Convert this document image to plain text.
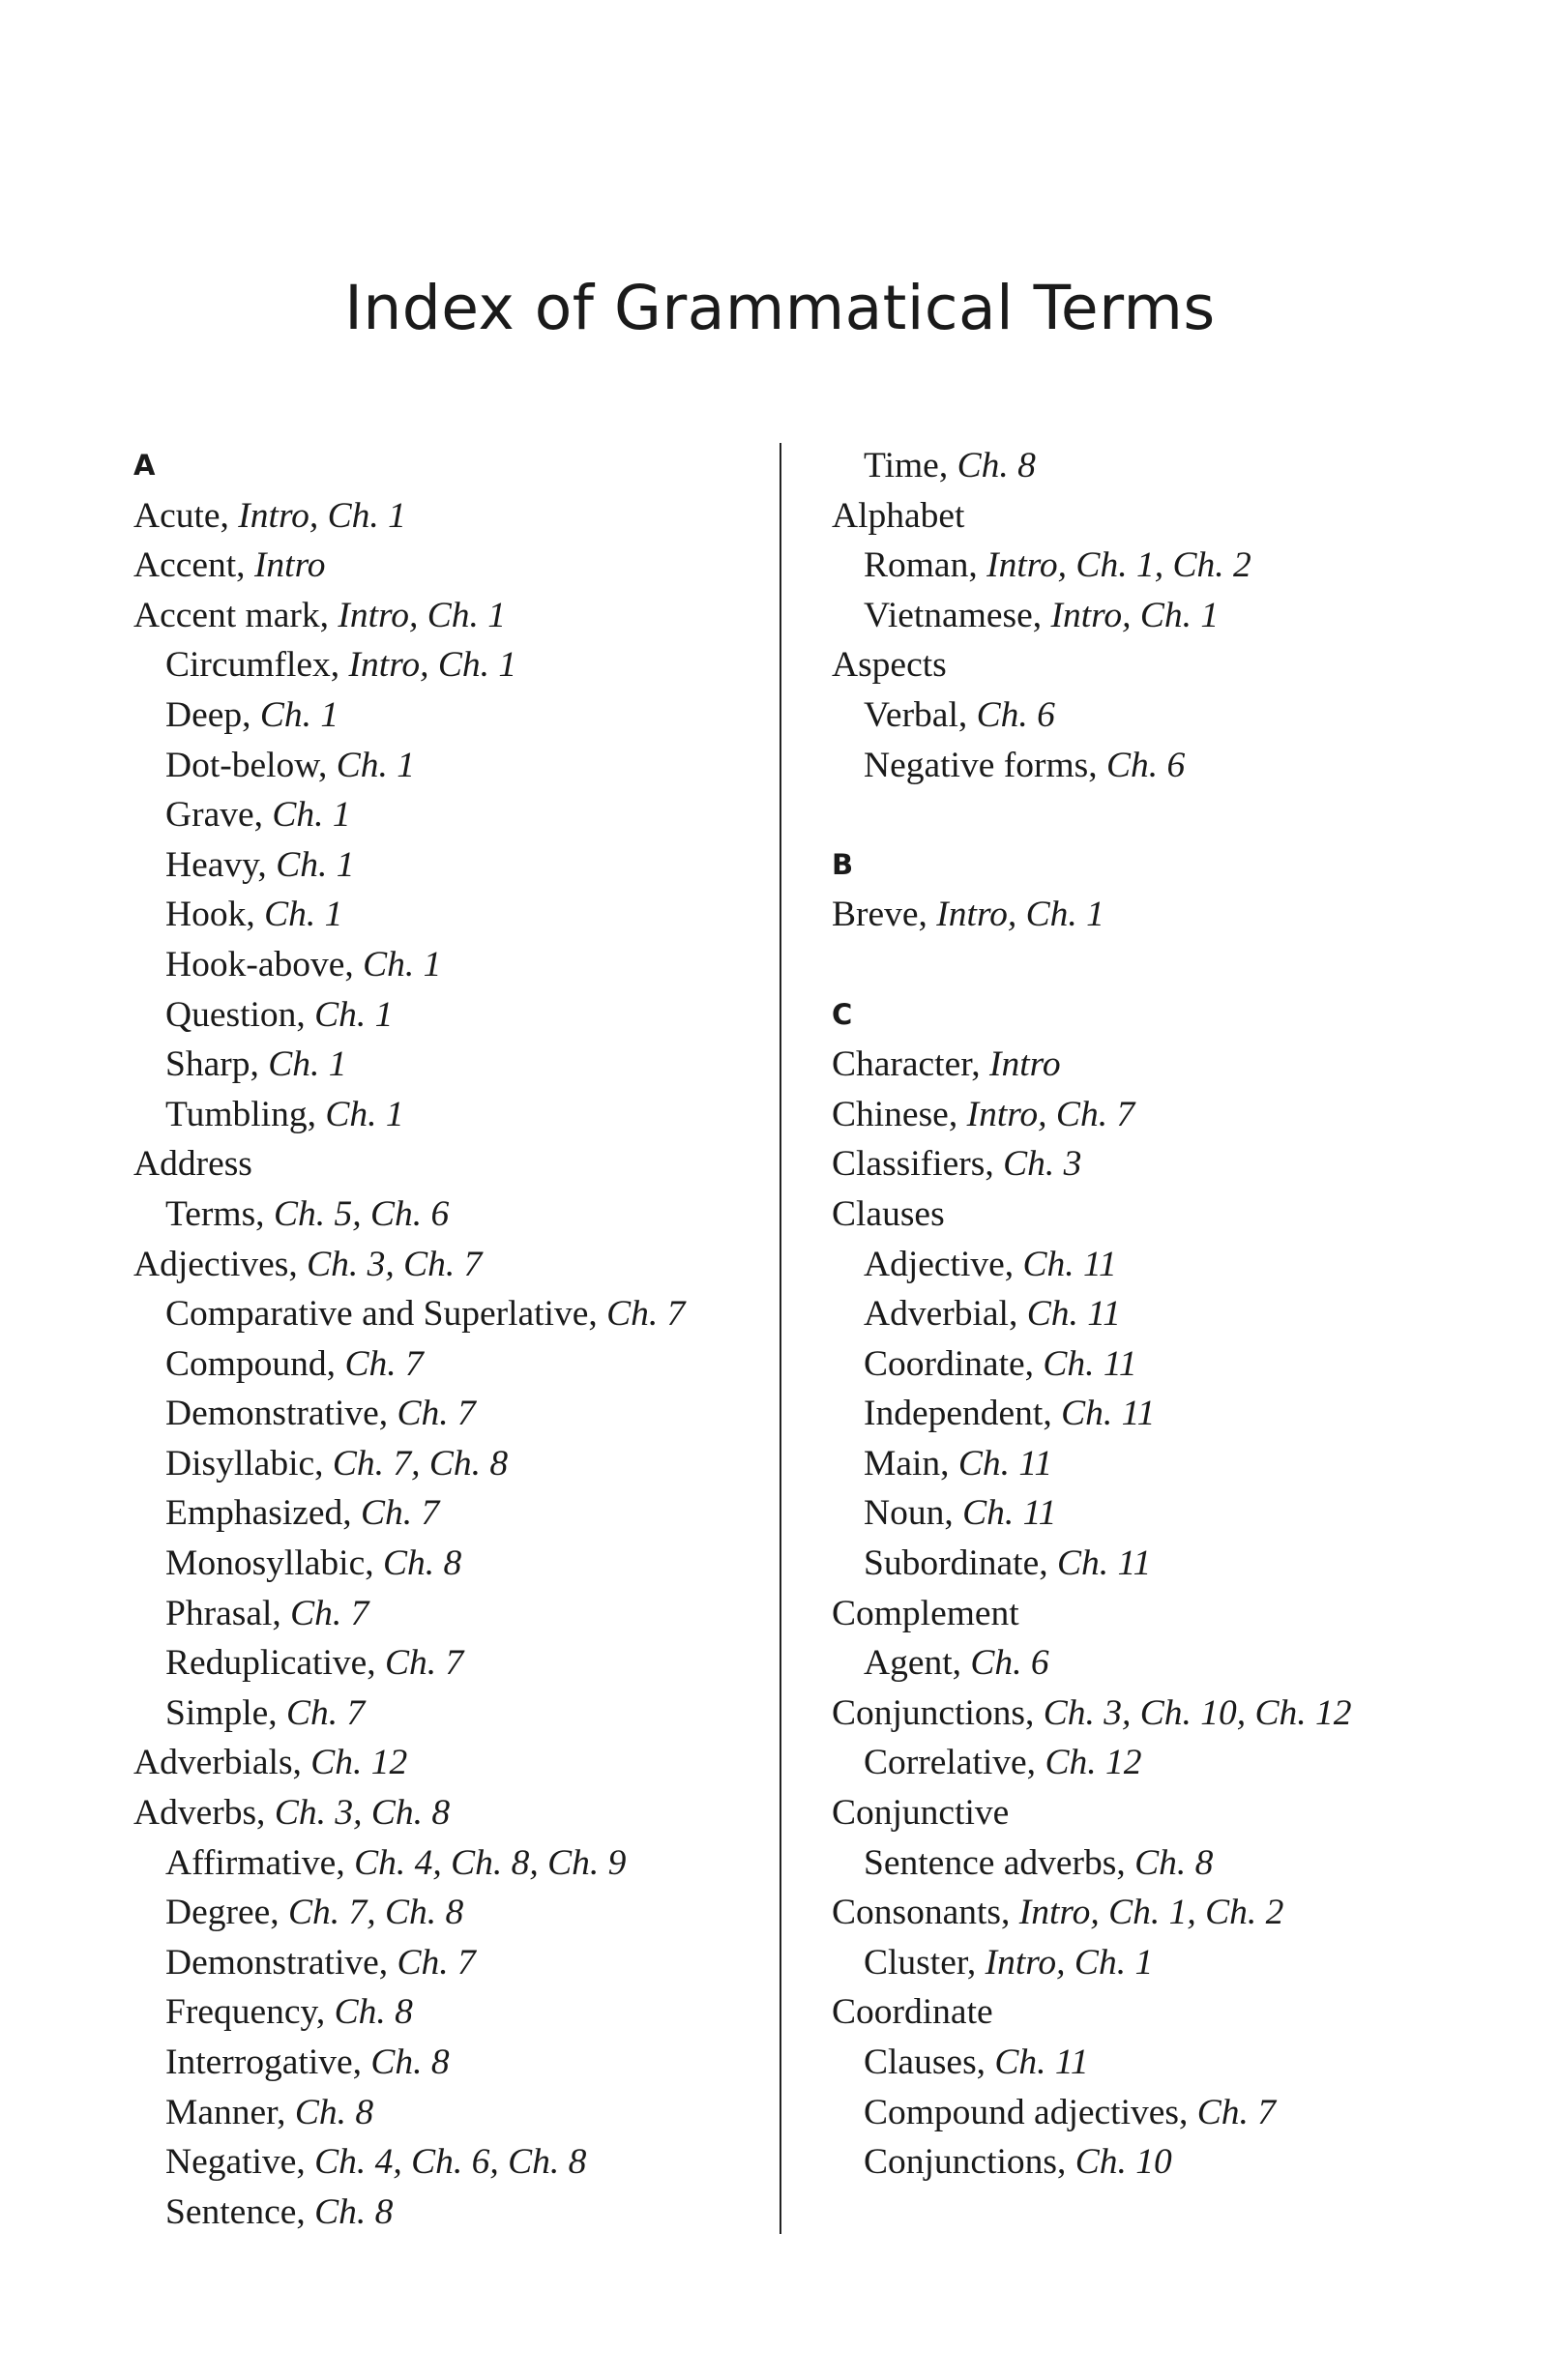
Index of Grammatical Terms
A
Acute, Intro, Ch. 1
Accent, Intro
Accent mark, Intro, Ch. 1
Circumflex, Intro, Ch. 1
Deep, Ch. 1
Dot-below, Ch. 1
Grave, Ch. 1
Heavy, Ch. 1
Hook, Ch. 1
Hook-above, Ch. 1
Question, Ch. 1
Sharp, Ch. 1
Tumbling, Ch. 1
Address
Terms, Ch. 5, Ch. 6
Adjectives, Ch. 3, Ch. 7
Comparative and Superlative, Ch. 7
Compound, Ch. 7
Demonstrative, Ch. 7
Disyllabic, Ch. 7, Ch. 8
Emphasized, Ch. 7
Monosyllabic, Ch. 8
Phrasal, Ch. 7
Reduplicative, Ch. 7
Simple, Ch. 7
Adverbials, Ch. 12
Adverbs, Ch. 3, Ch. 8
Affirmative, Ch. 4, Ch. 8, Ch. 9
Degree, Ch. 7, Ch. 8
Demonstrative, Ch. 7
Frequency, Ch. 8
Interrogative, Ch. 8
Manner, Ch. 8
Negative, Ch. 4, Ch. 6, Ch. 8
Sentence, Ch. 8
Time, Ch. 8
Alphabet
Roman, Intro, Ch. 1, Ch. 2
Vietnamese, Intro, Ch. 1
Aspects
Verbal, Ch. 6
Negative forms, Ch. 6
B
Breve, Intro, Ch. 1
C
Character, Intro
Chinese, Intro, Ch. 7
Classifiers, Ch. 3
Clauses
Adjective, Ch. 11
Adverbial, Ch. 11
Coordinate, Ch. 11
Independent, Ch. 11
Main, Ch. 11
Noun, Ch. 11
Subordinate, Ch. 11
Complement
Agent, Ch. 6
Conjunctions, Ch. 3, Ch. 10, Ch. 12
Correlative, Ch. 12
Conjunctive
Sentence adverbs, Ch. 8
Consonants, Intro, Ch. 1, Ch. 2
Cluster, Intro, Ch. 1
Coordinate
Clauses, Ch. 11
Compound adjectives, Ch. 7
Conjunctions, Ch. 10
